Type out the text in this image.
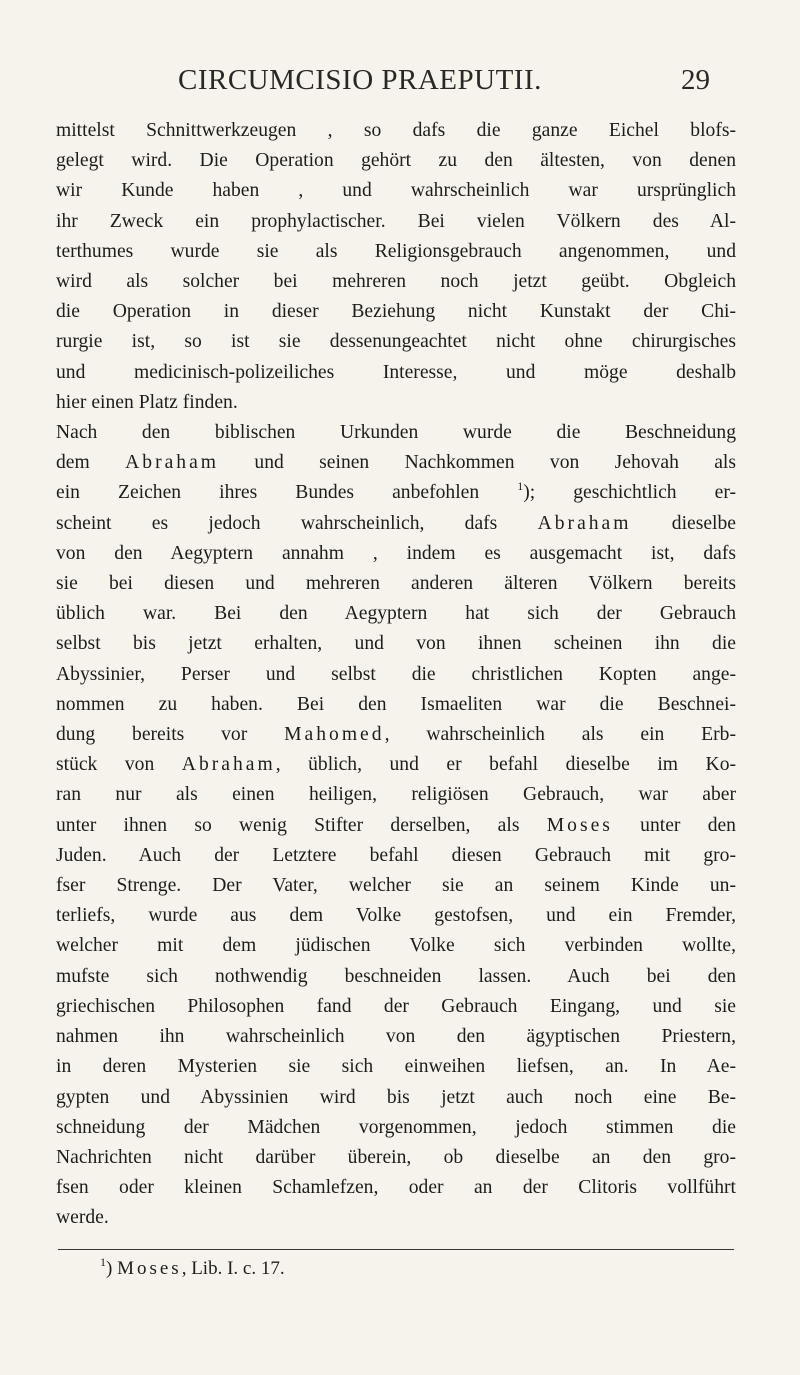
CIRCUMCISIO PRAEPUTII.	29
mittelst Schnittwerkzeugen , so dafs die ganze Eichel blofs-
gelegt wird. Die Operation gehört zu den ältesten, von denen
wir Kunde haben , und wahrscheinlich war ursprünglich
ihr Zweck ein prophylactischer. Bei vielen Völkern des Al-
terthumes wurde sie als Religionsgebrauch angenommen, und
wird als solcher bei mehreren noch jetzt geübt. Obgleich
die Operation in dieser Beziehung nicht Kunstakt der Chi-
rurgie ist, so ist sie dessenungeachtet nicht ohne chirurgisches
und medicinisch-polizeiliches Interesse, und möge deshalb
hier einen Platz finden.
Nach den biblischen Urkunden wurde die Beschneidung
dem Abraham und seinen Nachkommen von Jehovah als
ein Zeichen ihres Bundes anbefohlen $^1$); geschichtlich er-
scheint es jedoch wahrscheinlich, dafs Abraham dieselbe
von den Aegyptern annahm , indem es ausgemacht ist, dafs
sie bei diesen und mehreren anderen älteren Völkern bereits
üblich war. Bei den Aegyptern hat sich der Gebrauch
selbst bis jetzt erhalten, und von ihnen scheinen ihn die
Abyssinier, Perser und selbst die christlichen Kopten ange-
nommen zu haben. Bei den Ismaeliten war die Beschnei-
dung bereits vor Mahomed, wahrscheinlich als ein Erb-
stück von Abraham, üblich, und er befahl dieselbe im Ko-
ran nur als einen heiligen, religiösen Gebrauch, war aber
unter ihnen so wenig Stifter derselben, als Moses unter den
Juden. Auch der Letztere befahl diesen Gebrauch mit gro-
fser Strenge. Der Vater, welcher sie an seinem Kinde un-
terliefs, wurde aus dem Volke gestofsen, und ein Fremder,
welcher mit dem jüdischen Volke sich verbinden wollte,
mufste sich nothwendig beschneiden lassen. Auch bei den
griechischen Philosophen fand der Gebrauch Eingang, und sie
nahmen ihn wahrscheinlich von den ägyptischen Priestern,
in deren Mysterien sie sich einweihen liefsen, an. In Ae-
gypten und Abyssinien wird bis jetzt auch noch eine Be-
schneidung der Mädchen vorgenommen, jedoch stimmen die
Nachrichten nicht darüber überein, ob dieselbe an den gro-
fsen oder kleinen Schamlefzen, oder an der Clitoris vollführt
werde.
$^1$) Moses, Lib. I. c. 17.
